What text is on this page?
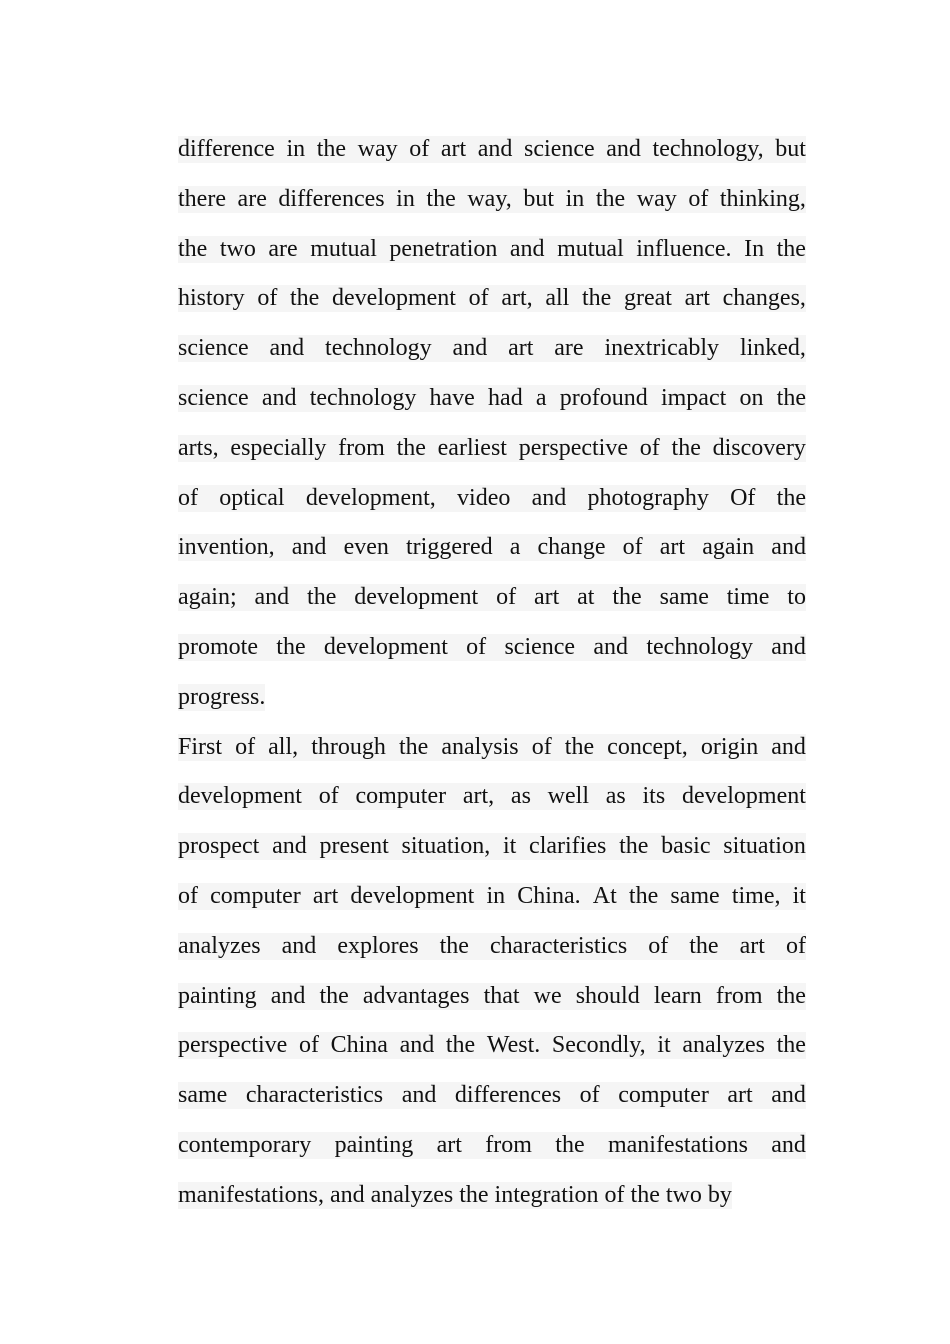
difference in the way of art and science and technology, but
there are differences in the way, but in the way of thinking,
the two are mutual penetration and mutual influence. In the
history of the development of art, all the great art changes,
science and technology and art are inextricably linked,
science and technology have had a profound impact on the
arts, especially from the earliest perspective of the discovery
of optical development, video and photography Of the
invention, and even triggered a change of art again and
again; and the development of art at the same time to
promote the development of science and technology and
progress.
First of all, through the analysis of the concept, origin and
development of computer art, as well as its development
prospect and present situation, it clarifies the basic situation
of computer art development in China. At the same time, it
analyzes and explores the characteristics of the art of
painting and the advantages that we should learn from the
perspective of China and the West. Secondly, it analyzes the
same characteristics and differences of computer art and
contemporary painting art from the manifestations and
manifestations, and analyzes the integration of the two by
